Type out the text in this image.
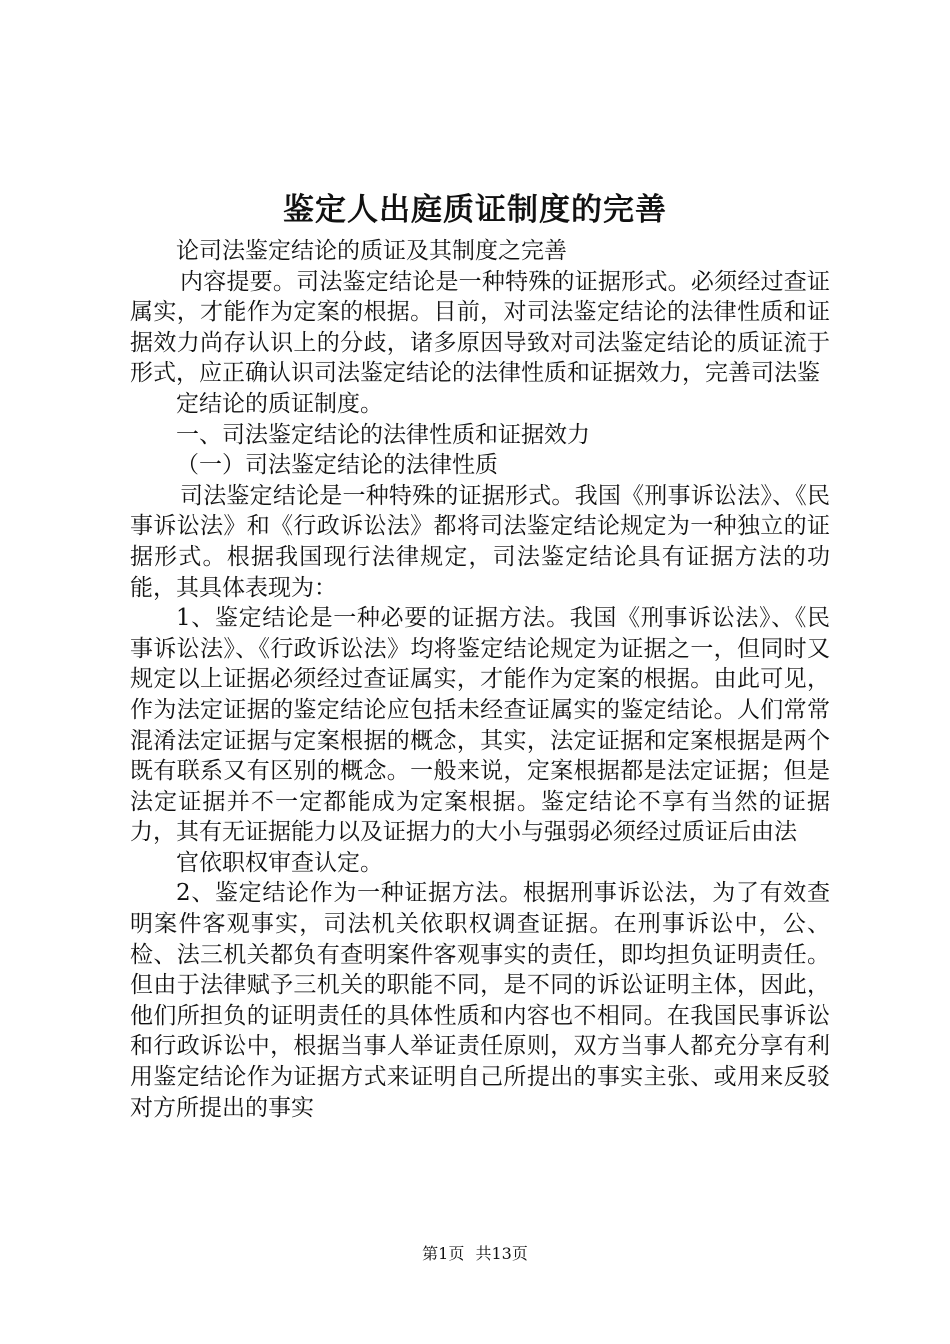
鉴定人出庭质证制度的完善

论司法鉴定结论的质证及其制度之完善

内容提要。司法鉴定结论是一种特殊的证据形式。必须经过查证属实，才能作为定案的根据。目前，对司法鉴定结论的法律性质和证据效力尚存认识上的分歧，诸多原因导致对司法鉴定结论的质证流于形式，应正确认识司法鉴定结论的法律性质和证据效力，完善司法鉴

定结论的质证制度。

一、司法鉴定结论的法律性质和证据效力

（一）司法鉴定结论的法律性质

司法鉴定结论是一种特殊的证据形式。我国《刑事诉讼法》、《民事诉讼法》和《行政诉讼法》都将司法鉴定结论规定为一种独立的证据形式。根据我国现行法律规定，司法鉴定结论具有证据方法的功能，其具体表现为：

1、鉴定结论是一种必要的证据方法。我国《刑事诉讼法》、《民事诉讼法》、《行政诉讼法》均将鉴定结论规定为证据之一，但同时又规定以上证据必须经过查证属实，才能作为定案的根据。由此可见，作为法定证据的鉴定结论应包括未经查证属实的鉴定结论。人们常常混淆法定证据与定案根据的概念，其实，法定证据和定案根据是两个既有联系又有区别的概念。一般来说，定案根据都是法定证据；但是法定证据并不一定都能成为定案根据。鉴定结论不享有当然的证据力，其有无证据能力以及证据力的大小与强弱必须经过质证后由法

官依职权审查认定。

2、鉴定结论作为一种证据方法。根据刑事诉讼法，为了有效查明案件客观事实，司法机关依职权调查证据。在刑事诉讼中，公、检、法三机关都负有查明案件客观事实的责任，即均担负证明责任。但由于法律赋予三机关的职能不同，是不同的诉讼证明主体，因此，他们所担负的证明责任的具体性质和内容也不相同。在我国民事诉讼和行政诉讼中，根据当事人举证责任原则，双方当事人都充分享有利用鉴定结论作为证据方式来证明自己所提出的事实主张、或用来反驳对方所提出的事实

第1页 共13页
